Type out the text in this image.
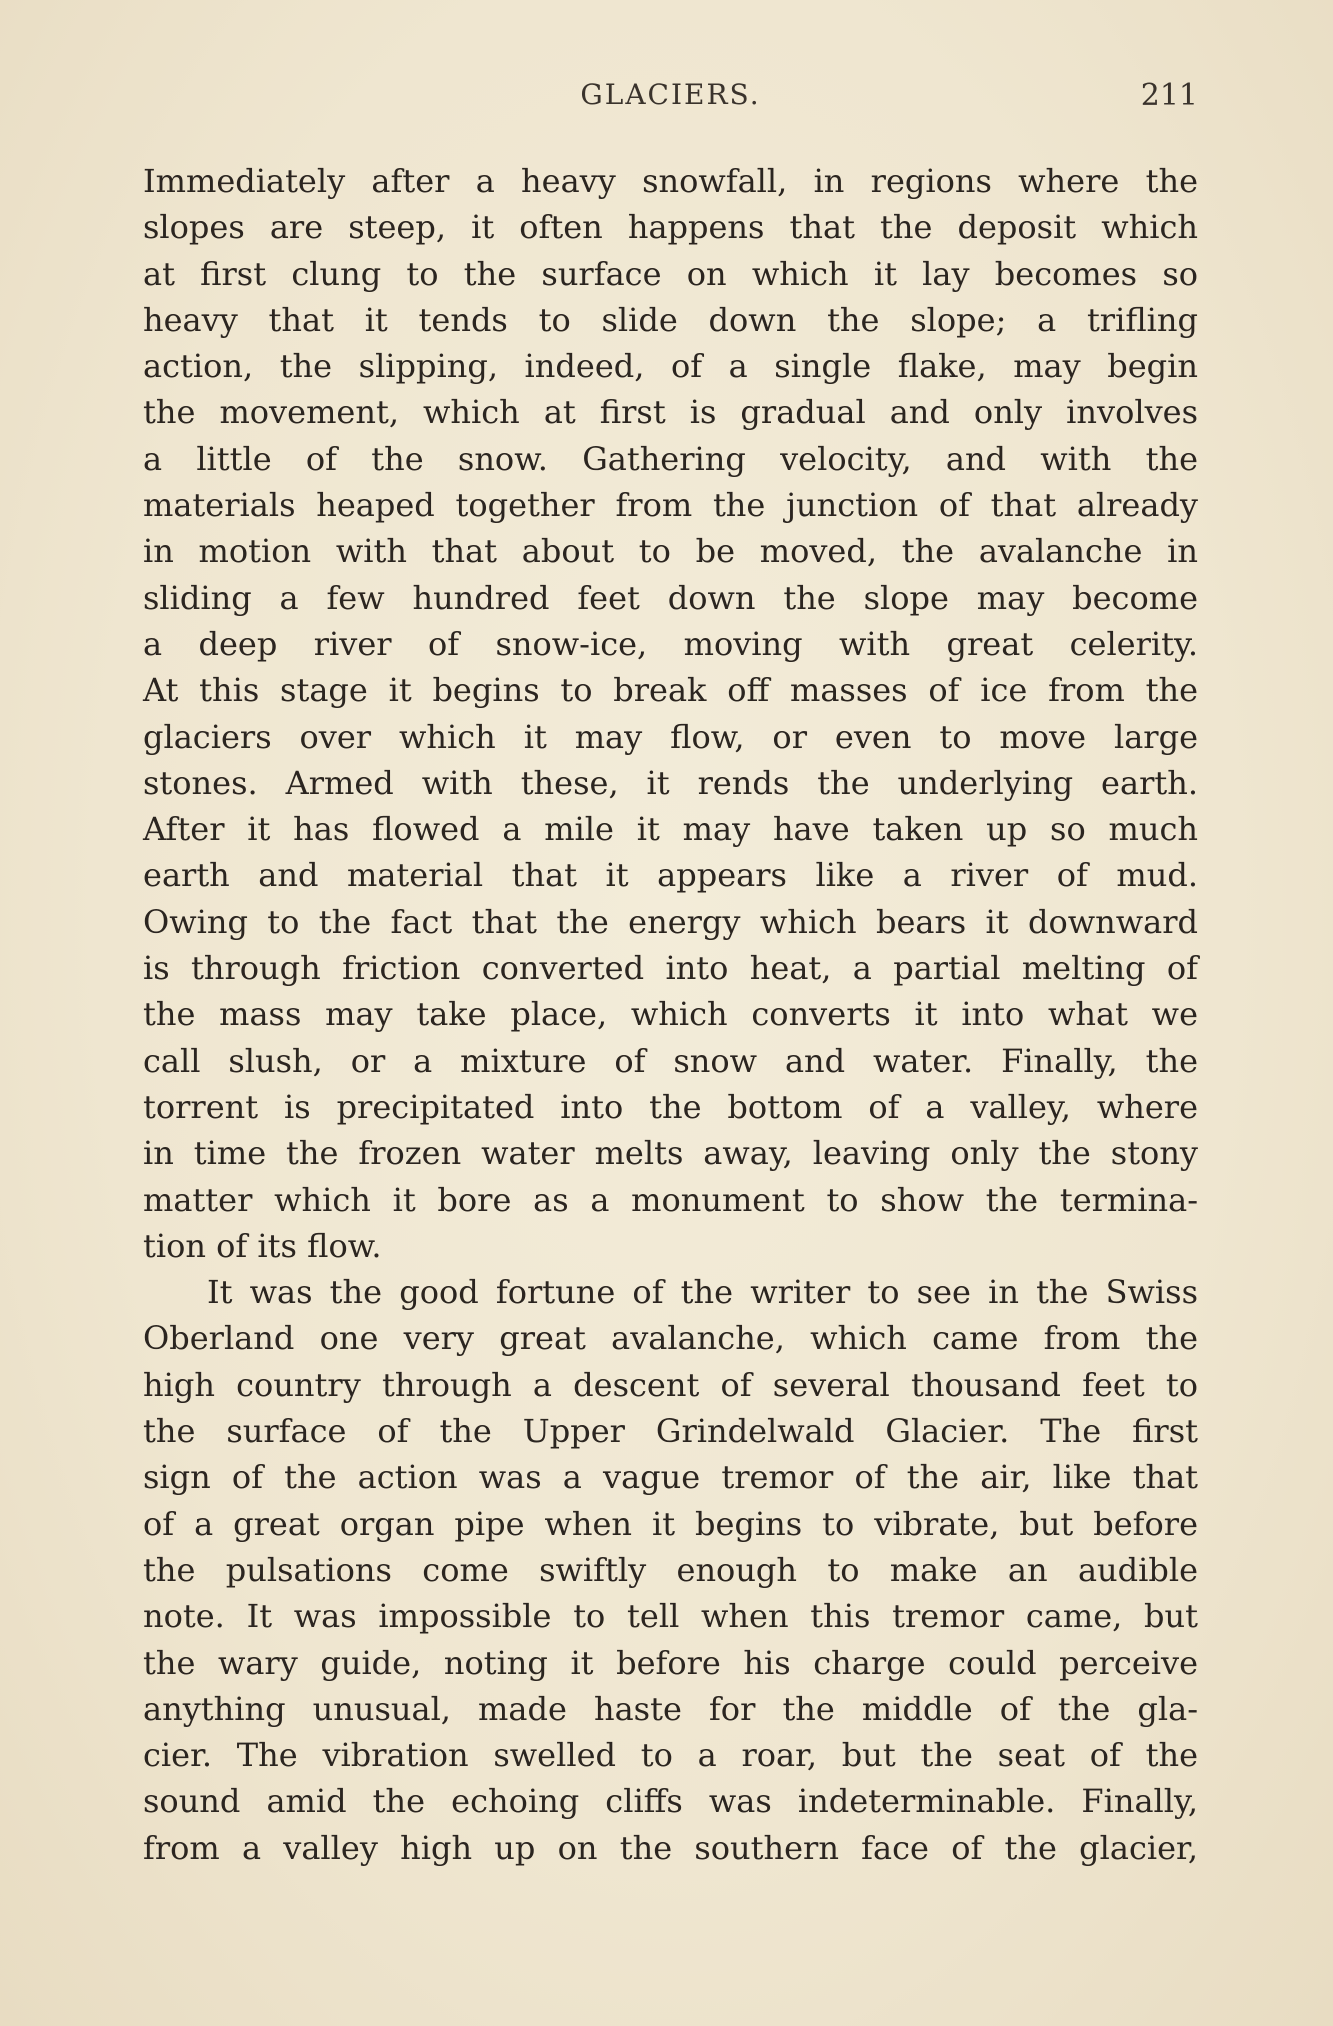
GLACIERS.	211
Immediately after a heavy snowfall, in regions where the
slopes are steep, it often happens that the deposit which
at first clung to the surface on which it lay becomes so
heavy that it tends to slide down the slope; a trifling
action, the slipping, indeed, of a single flake, may begin
the movement, which at first is gradual and only involves
a little of the snow. Gathering velocity, and with the
materials heaped together from the junction of that already
in motion with that about to be moved, the avalanche in
sliding a few hundred feet down the slope may become
a deep river of snow-ice, moving with great celerity.
At this stage it begins to break off masses of ice from the
glaciers over which it may flow, or even to move large
stones. Armed with these, it rends the underlying earth.
After it has flowed a mile it may have taken up so much
earth and material that it appears like a river of mud.
Owing to the fact that the energy which bears it downward
is through friction converted into heat, a partial melting of
the mass may take place, which converts it into what we
call slush, or a mixture of snow and water. Finally, the
torrent is precipitated into the bottom of a valley, where
in time the frozen water melts away, leaving only the stony
matter which it bore as a monument to show the termina-
tion of its flow.
It was the good fortune of the writer to see in the Swiss
Oberland one very great avalanche, which came from the
high country through a descent of several thousand feet to
the surface of the Upper Grindelwald Glacier. The first
sign of the action was a vague tremor of the air, like that
of a great organ pipe when it begins to vibrate, but before
the pulsations come swiftly enough to make an audible
note. It was impossible to tell when this tremor came, but
the wary guide, noting it before his charge could perceive
anything unusual, made haste for the middle of the gla-
cier. The vibration swelled to a roar, but the seat of the
sound amid the echoing cliffs was indeterminable. Finally,
from a valley high up on the southern face of the glacier,
